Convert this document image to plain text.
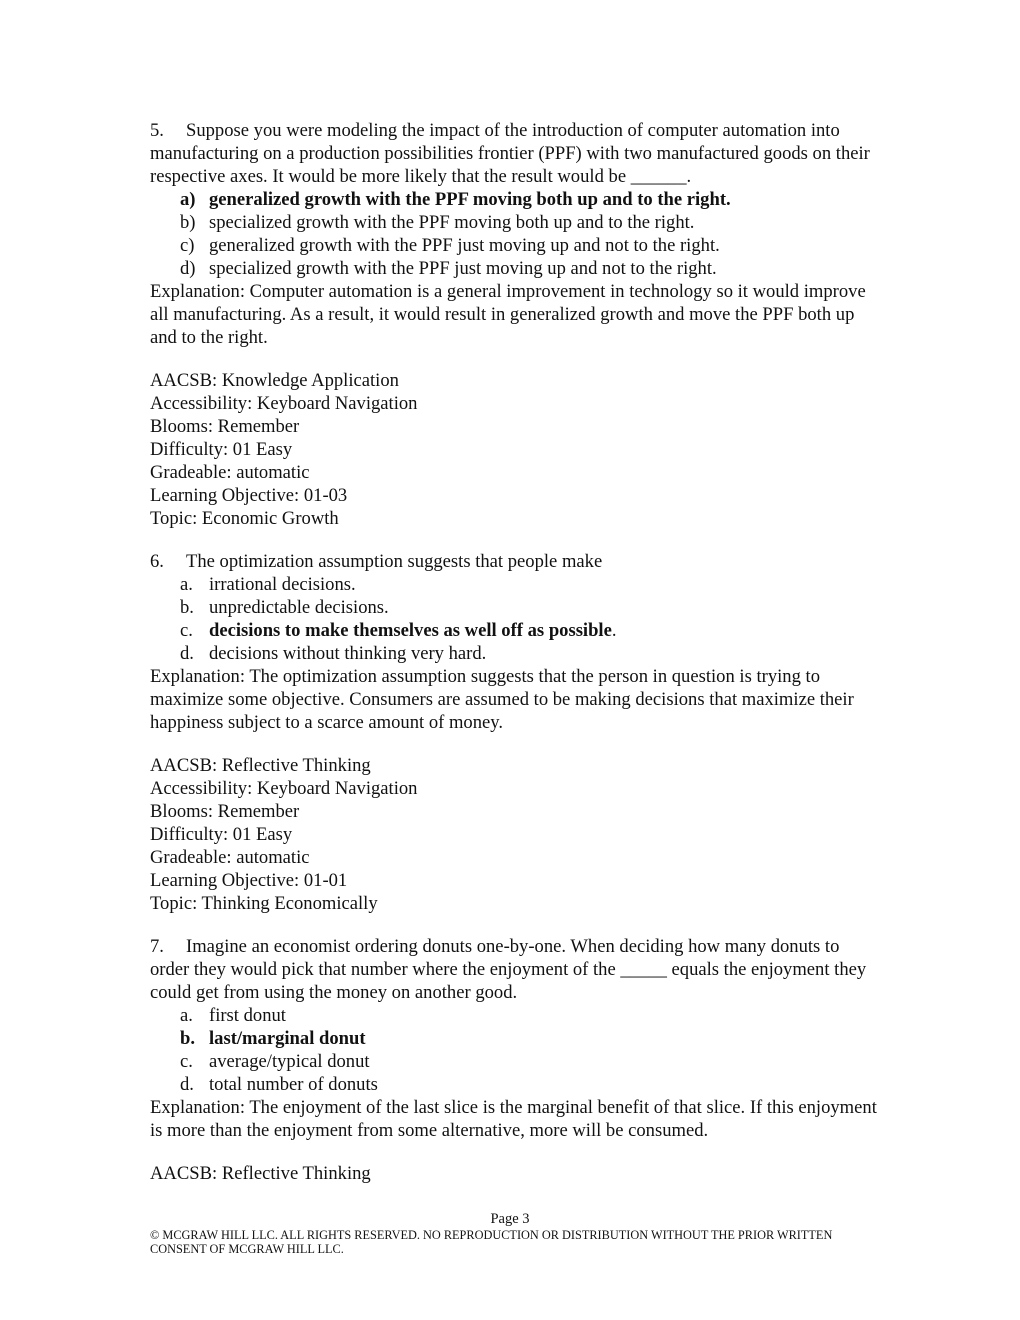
5. Suppose you were modeling the impact of the introduction of computer automation into manufacturing on a production possibilities frontier (PPF) with two manufactured goods on their respective axes. It would be more likely that the result would be ______.
a) generalized growth with the PPF moving both up and to the right.
b) specialized growth with the PPF moving both up and to the right.
c) generalized growth with the PPF just moving up and not to the right.
d) specialized growth with the PPF just moving up and not to the right.
Explanation: Computer automation is a general improvement in technology so it would improve all manufacturing. As a result, it would result in generalized growth and move the PPF both up and to the right.
AACSB: Knowledge Application
Accessibility: Keyboard Navigation
Blooms: Remember
Difficulty: 01 Easy
Gradeable: automatic
Learning Objective: 01-03
Topic: Economic Growth
6. The optimization assumption suggests that people make
a. irrational decisions.
b. unpredictable decisions.
c. decisions to make themselves as well off as possible .
d. decisions without thinking very hard.
Explanation: The optimization assumption suggests that the person in question is trying to maximize some objective. Consumers are assumed to be making decisions that maximize their happiness subject to a scarce amount of money.
AACSB: Reflective Thinking
Accessibility: Keyboard Navigation
Blooms: Remember
Difficulty: 01 Easy
Gradeable: automatic
Learning Objective: 01-01
Topic: Thinking Economically
7. Imagine an economist ordering donuts one-by-one. When deciding how many donuts to order they would pick that number where the enjoyment of the _____ equals the enjoyment they could get from using the money on another good.
a. first donut
b. last/marginal donut
c. average/typical donut
d. total number of donuts
Explanation: The enjoyment of the last slice is the marginal benefit of that slice. If this enjoyment is more than the enjoyment from some alternative, more will be consumed.
AACSB: Reflective Thinking
Page 3
© MCGRAW HILL LLC. ALL RIGHTS RESERVED. NO REPRODUCTION OR DISTRIBUTION WITHOUT THE PRIOR WRITTEN CONSENT OF MCGRAW HILL LLC.
